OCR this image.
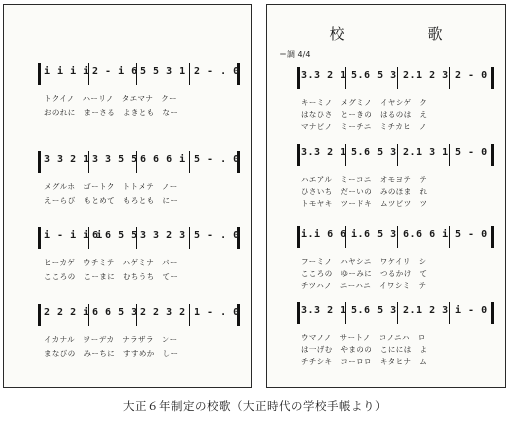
i i i i 2 - i 6 5 5 3 1 2 - . 0
トクイノ　ハーリノ　タエマナ　クー
おのれに　まーさる　よきとも　なー
3 3 2 1 3 3 5 5 6 6 6 i 5 - . 0
メグルホ　ゴートク　トトメテ　ノー
えーらび　もとめて　もろとも　にー
i - i i i
6 6 5 5 3 3 2 3 5 - . 0
ヒーカゲ　ウチミテ　ハゲミナ　バー
こころの　こーまに　むちうち　てー
2 2 2 i 6 6 5 3 2 2 3 2 1 - . 0
イカナル　ヲーデカ　ナラザラ　ンー
まなびの　みーちに　すすめか　しー
校　歌
＝調 4/4
3.3 2 1 5.6 5 3 2.1 2 3 2 - 0
キーミノ　メグミノ　イヤシゲ　ク
はなひさ　とーきの　はるのは　え
マナビノ　ミーチニ　ミチカヒ　ノ
3.3 2 1 5.6 5 3 2.1 3 1 5 - 0
ハエアル　ミーコニ　オモヨテ　テ
ひさいち　だーいの　みのほま　れ
トモヤキ　ツードキ　ムツビツ　ツ
i.i 6 6 i.6 5 3 6.6 6 i 5 - 0
フーミノ　ハヤシニ　ワケイリ　シ
こころの　ゆーみに　つるかけ　て
チツハノ　ニーハニ　イワシミ　テ
3.3 2 1 5.6 5 3 2.1 2 3 i - 0
ウマノノ　サートノ　コノニハ　ロ
は一げむ　やまのの　こにには　よ
チチシキ　コーロロ　キタヒナ　ム
大正６年制定の校歌（大正時代の学校手帳より）
